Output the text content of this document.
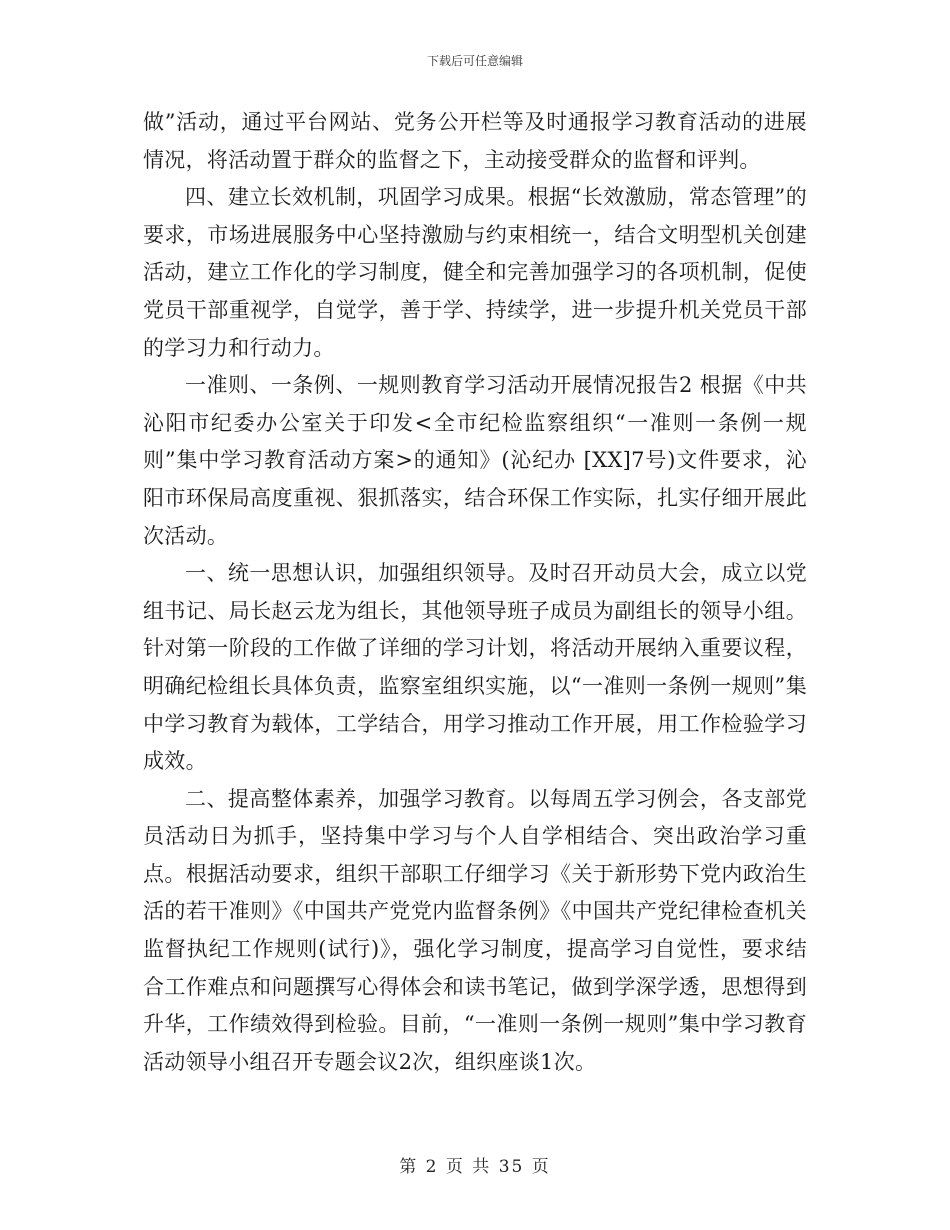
下载后可任意编辑

做”活动，通过平台网站、党务公开栏等及时通报学习教育活动的进展情况，将活动置于群众的监督之下，主动接受群众的监督和评判。

四、建立长效机制，巩固学习成果。根据“长效激励，常态管理”的要求，市场进展服务中心坚持激励与约束相统一，结合文明型机关创建活动，建立工作化的学习制度，健全和完善加强学习的各项机制，促使党员干部重视学，自觉学，善于学、持续学，进一步提升机关党员干部的学习力和行动力。

一准则、一条例、一规则教育学习活动开展情况报告2 根据《中共沁阳市纪委办公室关于印发<全市纪检监察组织“一准则一条例一规则”集中学习教育活动方案>的通知》(沁纪办 [XX]7号)文件要求，沁阳市环保局高度重视、狠抓落实，结合环保工作实际，扎实仔细开展此次活动。

一、统一思想认识，加强组织领导。及时召开动员大会，成立以党组书记、局长赵云龙为组长，其他领导班子成员为副组长的领导小组。针对第一阶段的工作做了详细的学习计划，将活动开展纳入重要议程，明确纪检组长具体负责，监察室组织实施，以“一准则一条例一规则”集中学习教育为载体，工学结合，用学习推动工作开展，用工作检验学习成效。

二、提高整体素养，加强学习教育。以每周五学习例会，各支部党员活动日为抓手，坚持集中学习与个人自学相结合、突出政治学习重点。根据活动要求，组织干部职工仔细学习《关于新形势下党内政治生活的若干准则》《中国共产党党内监督条例》《中国共产党纪律检查机关监督执纪工作规则(试行)》，强化学习制度，提高学习自觉性，要求结合工作难点和问题撰写心得体会和读书笔记，做到学深学透，思想得到升华，工作绩效得到检验。目前，“一准则一条例一规则”集中学习教育活动领导小组召开专题会议2次，组织座谈1次。

第 2 页 共 35 页
